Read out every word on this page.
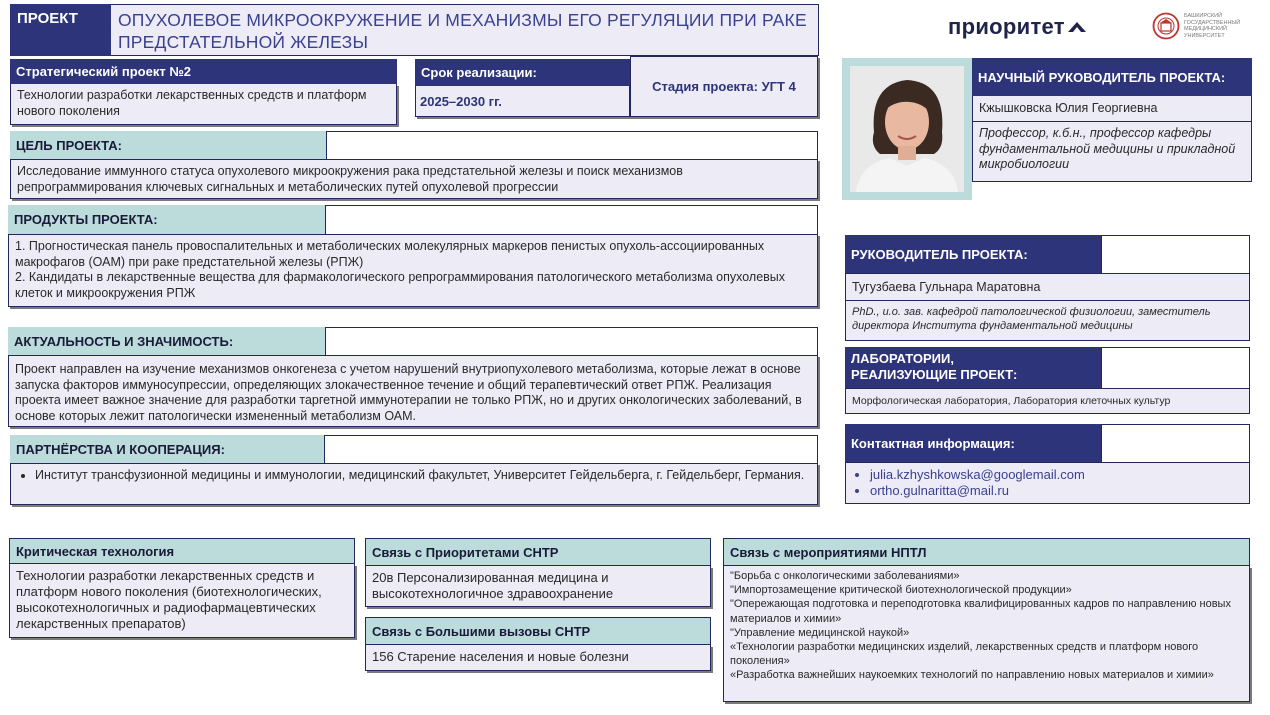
ПРОЕКТ	ОПУХОЛЕВОЕ МИКРООКРУЖЕНИЕ И МЕХАНИЗМЫ ЕГО РЕГУЛЯЦИИ ПРИ РАКЕ ПРЕДСТАТЕЛЬНОЙ ЖЕЛЕЗЫ
приоритет	БАШКИРСКИЙ ГОСУДАРСТВЕННЫЙ МЕДИЦИНСКИЙ УНИВЕРСИТЕТ
Стратегический проект №2
Технологии разработки лекарственных средств и платформ нового поколения
Срок реализации:
2025–2030 гг.
Стадия проекта: УГТ 4
ЦЕЛЬ ПРОЕКТА:
Исследование иммунного статуса опухолевого микроокружения рака предстательной железы и поиск механизмов репрограммирования ключевых сигнальных и метаболических путей опухолевой прогрессии
ПРОДУКТЫ ПРОЕКТА:
1. Прогностическая панель провоспалительных и метаболических молекулярных маркеров пенистых опухоль-ассоциированных макрофагов (ОАМ) при раке предстательной железы (РПЖ)
2. Кандидаты в лекарственные вещества для фармакологического репрограммирования патологического метаболизма опухолевых клеток и микроокружения РПЖ
АКТУАЛЬНОСТЬ И ЗНАЧИМОСТЬ:
Проект направлен на изучение механизмов онкогенеза с учетом нарушений внутриопухолевого метаболизма, которые лежат в основе запуска факторов иммуносупрессии, определяющих злокачественное течение и общий терапевтический ответ РПЖ. Реализация проекта имеет важное значение для разработки таргетной иммунотерапии не только РПЖ, но и других онкологических заболеваний, в основе которых лежит патологически измененный метаболизм ОАМ.
ПАРТНЁРСТВА И КООПЕРАЦИЯ:
• Институт трансфузионной медицины и иммунологии, медицинский факультет, Университет Гейдельберга, г. Гейдельберг, Германия.
НАУЧНЫЙ РУКОВОДИТЕЛЬ ПРОЕКТА:
Кжышковска Юлия Георгиевна
Профессор, к.б.н., профессор кафедры фундаментальной медицины и прикладной микробиологии
РУКОВОДИТЕЛЬ ПРОЕКТА:
Тугузбаева Гульнара Маратовна
PhD., и.о. зав. кафедрой патологической физиологии, заместитель директора Института фундаментальной медицины
ЛАБОРАТОРИИ,
РЕАЛИЗУЮЩИЕ ПРОЕКТ:
Морфологическая лаборатория, Лаборатория клеточных культур
Контактная информация:
• julia.kzhyshkowska@googlemail.com
• ortho.gulnaritta@mail.ru
Критическая технология
Технологии разработки лекарственных средств и платформ нового поколения (биотехнологических, высокотехнологичных и радиофармацевтических лекарственных препаратов)
Связь с Приоритетами СНТР
20в Персонализированная медицина и высокотехнологичное здравоохранение
Связь с Большими вызовы СНТР
156 Старение населения и новые болезни
Связь с мероприятиями НПТЛ
"Борьба с онкологическими заболеваниями»
"Импортозамещение критической биотехнологической продукции»
"Опережающая подготовка и переподготовка квалифицированных кадров по направлению новых материалов и химии»
"Управление медицинской наукой»
«Технологии разработки медицинских изделий, лекарственных средств и платформ нового поколения»
«Разработка важнейших наукоемких технологий по направлению новых материалов и химии»
